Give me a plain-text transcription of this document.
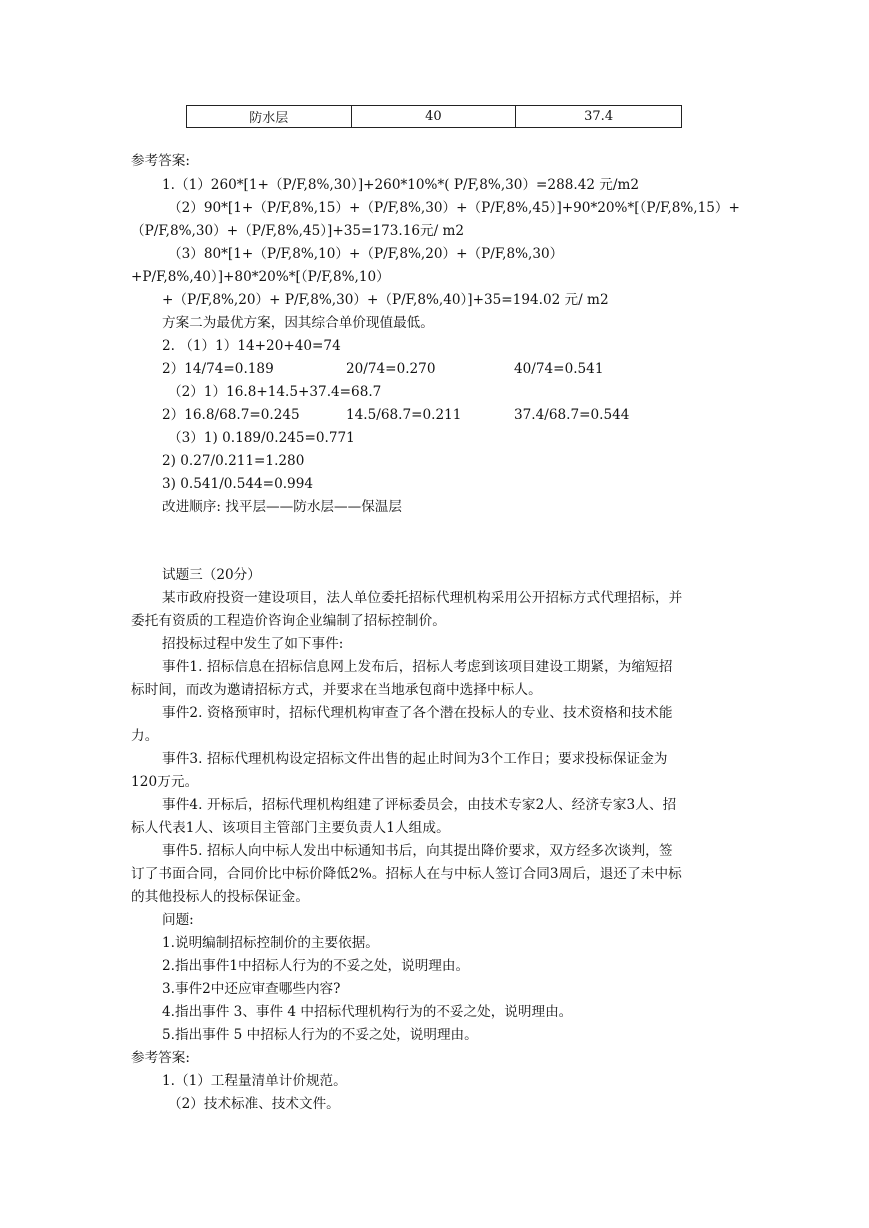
防水层	40	37.4
参考答案:
1.（1）260*[1+（P/F,8%,30）]+260*10%*( P/F,8%,30）=288.42 元/m2
（2）90*[1+（P/F,8%,15）+（P/F,8%,30）+（P/F,8%,45）]+90*20%*[（P/F,8%,15）+
（P/F,8%,30）+（P/F,8%,45）]+35=173.16元/ m2
（3）80*[1+（P/F,8%,10）+（P/F,8%,20）+（P/F,8%,30）
+P/F,8%,40）]+80*20%*[（P/F,8%,10）
+（P/F,8%,20）+ P/F,8%,30）+（P/F,8%,40）]+35=194.02 元/ m2
方案二为最优方案，因其综合单价现值最低。
2. （1）1）14+20+40=74
2）14/74=0.189	20/74=0.270	40/74=0.541
（2）1）16.8+14.5+37.4=68.7
2）16.8/68.7=0.245	14.5/68.7=0.211	37.4/68.7=0.544
（3）1) 0.189/0.245=0.771
2) 0.27/0.211=1.280
3) 0.541/0.544=0.994
改进顺序: 找平层——防水层——保温层
试题三（20分）
某市政府投资一建设项目，法人单位委托招标代理机构采用公开招标方式代理招标，并
委托有资质的工程造价咨询企业编制了招标控制价。
招投标过程中发生了如下事件:
事件1. 招标信息在招标信息网上发布后，招标人考虑到该项目建设工期紧，为缩短招
标时间，而改为邀请招标方式，并要求在当地承包商中选择中标人。
事件2. 资格预审时，招标代理机构审查了各个潜在投标人的专业、技术资格和技术能
力。
事件3. 招标代理机构设定招标文件出售的起止时间为3个工作日；要求投标保证金为
120万元。
事件4. 开标后，招标代理机构组建了评标委员会，由技术专家2人、经济专家3人、招
标人代表1人、该项目主管部门主要负责人1人组成。
事件5. 招标人向中标人发出中标通知书后，向其提出降价要求，双方经多次谈判，签
订了书面合同，合同价比中标价降低2%。招标人在与中标人签订合同3周后，退还了未中标
的其他投标人的投标保证金。
问题:
1.说明编制招标控制价的主要依据。
2.指出事件1中招标人行为的不妥之处，说明理由。
3.事件2中还应审查哪些内容?
4.指出事件 3、事件 4 中招标代理机构行为的不妥之处，说明理由。
5.指出事件 5 中招标人行为的不妥之处，说明理由。
参考答案:
1.（1）工程量清单计价规范。
（2）技术标准、技术文件。
